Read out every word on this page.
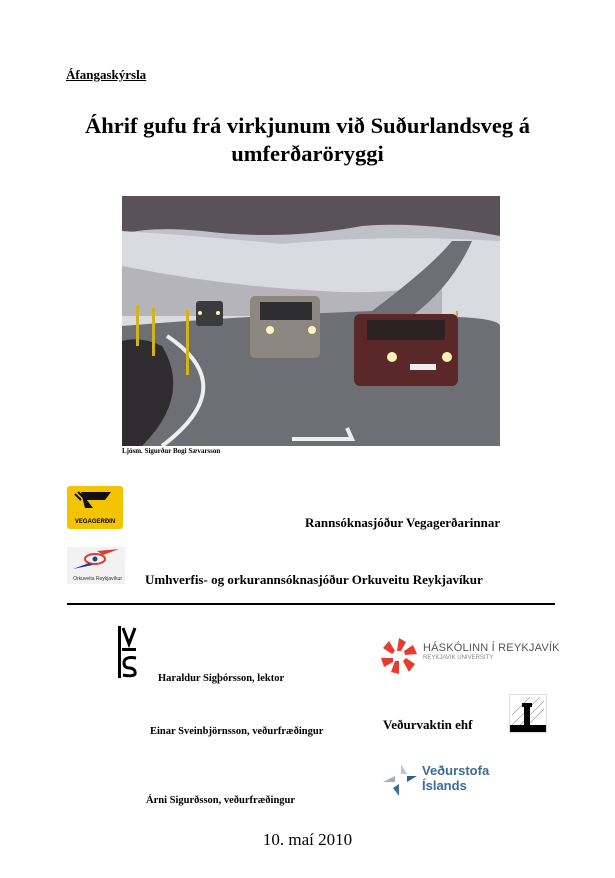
Áfangaskýrsla
Áhrif gufu frá virkjunum við Suðurlandsveg á umferðaröryggi
Ljósm. Sigurður Bogi Sævarsson
VEGAGERÐIN	Rannsóknasjóður Vegagerðarinnar
Orkuveita Reykjavíkur Umhverfis- og orkurannsóknasjóður Orkuveitu Reykjavíkur
Haraldur Sigþórsson, lektor
HÁSKÓLINN Í REYKJAVÍK
REYKJAVIK UNIVERSITY
Einar Sveinbjörnsson, veðurfræðingur	Veðurvaktin ehf
Veðurstofa
Íslands
Árni Sigurðsson, veðurfræðingur
10. maí 2010
